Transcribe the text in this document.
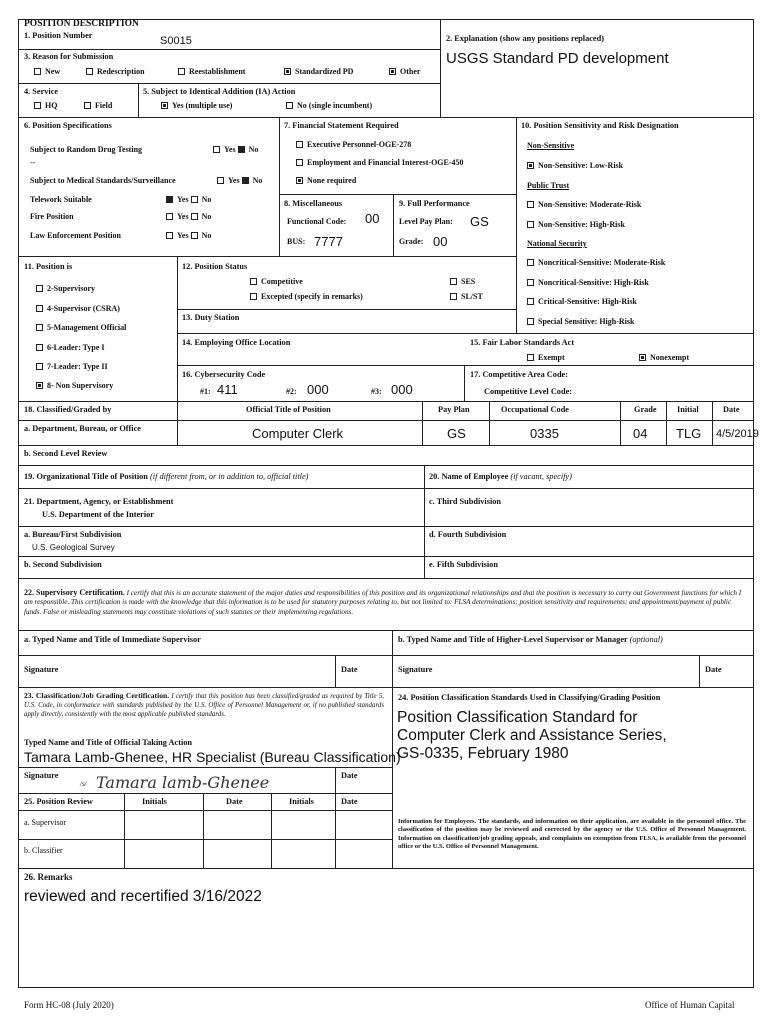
POSITION DESCRIPTION
1. Position Number	S0015	2. Explanation (show any positions replaced)
USGS Standard PD development
3. Reason for Submission
New	Redescription	Reestablishment	Standardized PD	Other
4. Service
HQ	Field
5. Subject to Identical Addition (IA) Action
Yes (multiple use)	No (single incumbent)
6. Position Specifications
Subject to Random Drug Testing	Yes No
--
Subject to Medical Standards/Surveillance	Yes No
Telework Suitable	Yes No
Fire Position	Yes No
Law Enforcement Position	Yes No
7. Financial Statement Required
Executive Personnel-OGE-278
Employment and Financial Interest-OGE-450
None required
8. Miscellaneous
Functional Code: 00
BUS: 7777
9. Full Performance
Level Pay Plan: GS
Grade: 00
10. Position Sensitivity and Risk Designation
Non-Sensitive
Non-Sensitive: Low-Risk
Public Trust
Non-Sensitive: Moderate-Risk
Non-Sensitive: High-Risk
National Security
Noncritical-Sensitive: Moderate-Risk
Noncritical-Sensitive: High-Risk
Critical-Sensitive: High-Risk
Special Sensitive: High-Risk
11. Position is
2-Supervisory
4-Supervisor (CSRA)
5-Management Official
6-Leader: Type I
7-Leader: Type II
8- Non Supervisory
12. Position Status
Competitive
Excepted (specify in remarks)
SES
SL/ST
13. Duty Station
14. Employing Office Location	15. Fair Labor Standards Act
Exempt	Nonexempt
16. Cybersecurity Code
#1: 411	#2: 000	#3: 000
17. Competitive Area Code:
Competitive Level Code:
18. Classified/Graded by	Official Title of Position	Pay Plan	Occupational Code	Grade Initial	Date
a. Department, Bureau, or Office	Computer Clerk	GS	0335	04 TLG 4/5/2019
b. Second Level Review
19. Organizational Title of Position (if different from, or in addition to, official title)	20. Name of Employee (if vacant, specify)
21. Department, Agency, or Establishment
U.S. Department of the Interior
c. Third Subdivision
a. Bureau/First Subdivision
U.S. Geological Survey
d. Fourth Subdivision
b. Second Subdivision	e. Fifth Subdivision
22. Supervisory Certification. I certify that this is an accurate statement of the major duties and responsibilities of this position and its organizational relationships and that the position is necessary to carry out Government functions for which I am responsible. This certification is made with the knowledge that this information is to be used for statutory purposes relating to, but not limited to: FLSA determinations; position sensitivity and requirements; and appointment/payment of public funds. False or misleading statements may constitute violations of such statutes or their implementing regulations.
a. Typed Name and Title of Immediate Supervisor	b. Typed Name and Title of Higher-Level Supervisor or Manager (optional)
Signature	Date	Signature	Date
23. Classification/Job Grading Certification. I certify that this position has been classified/graded as required by Title 5, U.S. Code, in conformance with standards published by the U.S. Office of Personnel Management or, if no published standards apply directly, consistently with the most applicable published standards.
Typed Name and Title of Official Taking Action
Tamara Lamb-Ghenee, HR Specialist (Bureau Classification)
Signature
/s/ Tamara lamb-Ghenee	Date
24. Position Classification Standards Used in Classifying/Grading Position
Position Classification Standard for
Computer Clerk and Assistance Series,
GS-0335, February 1980
25. Position Review	Initials	Date	Initials	Date
a. Supervisor
b. Classifier
Information for Employees. The standards, and information on their application, are available in the personnel office. The classification of the position may be reviewed and corrected by the agency or the U.S. Office of Personnel Management. Information on classification/job grading appeals, and complaints on exemption from FLSA, is available from the personnel office or the U.S. Office of Personnel Management.
26. Remarks
reviewed and recertified 3/16/2022
Form HC-08 (July 2020)	Office of Human Capital
